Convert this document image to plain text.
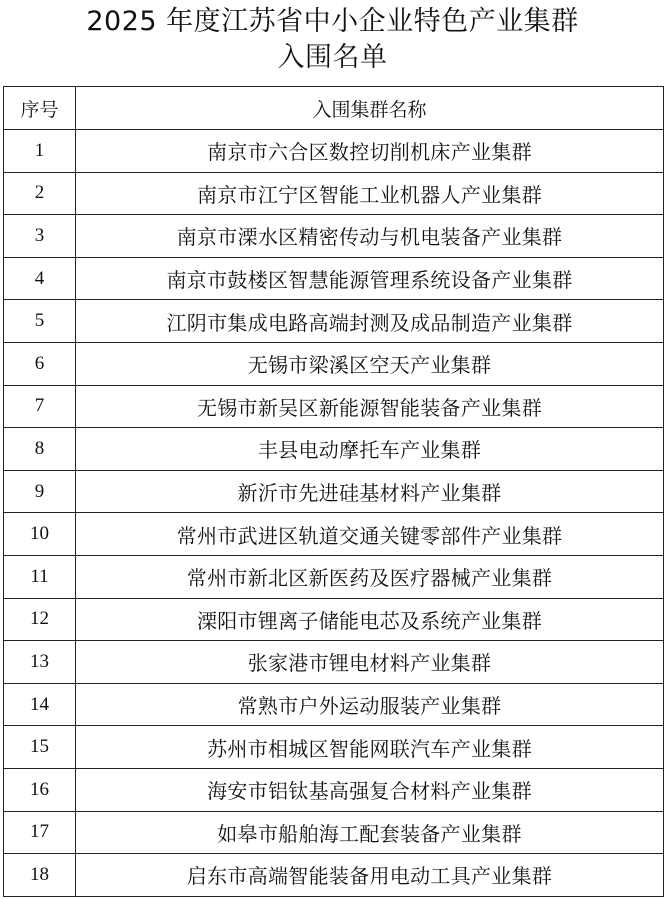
2025 年度江苏省中小企业特色产业集群
入围名单
序号	入围集群名称
1	南京市六合区数控切削机床产业集群
2	南京市江宁区智能工业机器人产业集群
3	南京市溧水区精密传动与机电装备产业集群
4	南京市鼓楼区智慧能源管理系统设备产业集群
5	江阴市集成电路高端封测及成品制造产业集群
6	无锡市梁溪区空天产业集群
7	无锡市新吴区新能源智能装备产业集群
8	丰县电动摩托车产业集群
9	新沂市先进硅基材料产业集群
10	常州市武进区轨道交通关键零部件产业集群
11	常州市新北区新医药及医疗器械产业集群
12	溧阳市锂离子储能电芯及系统产业集群
13	张家港市锂电材料产业集群
14	常熟市户外运动服装产业集群
15	苏州市相城区智能网联汽车产业集群
16	海安市铝钛基高强复合材料产业集群
17	如皋市船舶海工配套装备产业集群
18	启东市高端智能装备用电动工具产业集群
